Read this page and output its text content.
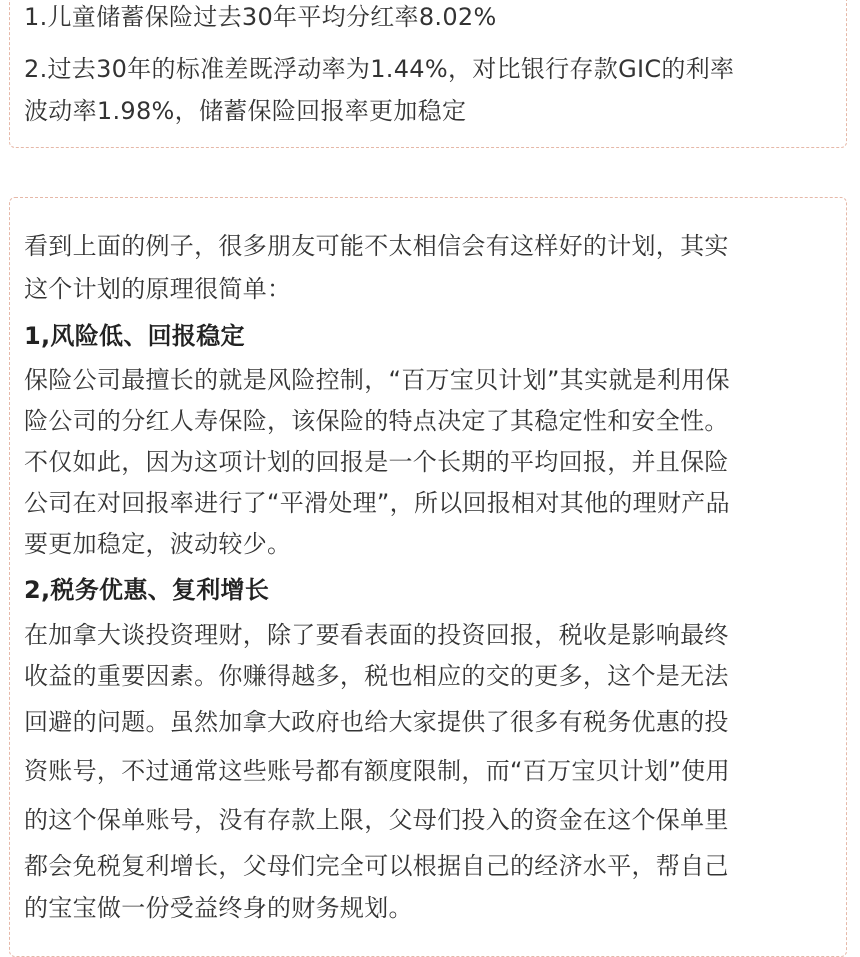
1.儿童储蓄保险过去30年平均分红率8.02%
2.过去30年的标准差既浮动率为1.44%，对比银行存款GIC的利率
波动率1.98%，储蓄保险回报率更加稳定
看到上面的例子，很多朋友可能不太相信会有这样好的计划，其实
这个计划的原理很简单：
1,风险低、回报稳定
保险公司最擅长的就是风险控制，“百万宝贝计划”其实就是利用保
险公司的分红人寿保险，该保险的特点决定了其稳定性和安全性。
不仅如此，因为这项计划的回报是一个长期的平均回报，并且保险
公司在对回报率进行了“平滑处理”，所以回报相对其他的理财产品
要更加稳定，波动较少。
2,税务优惠、复利增长
在加拿大谈投资理财，除了要看表面的投资回报，税收是影响最终
收益的重要因素。你赚得越多，税也相应的交的更多，这个是无法
回避的问题。虽然加拿大政府也给大家提供了很多有税务优惠的投
资账号，不过通常这些账号都有额度限制，而“百万宝贝计划”使用
的这个保单账号，没有存款上限，父母们投入的资金在这个保单里
都会免税复利增长，父母们完全可以根据自己的经济水平，帮自己
的宝宝做一份受益终身的财务规划。
